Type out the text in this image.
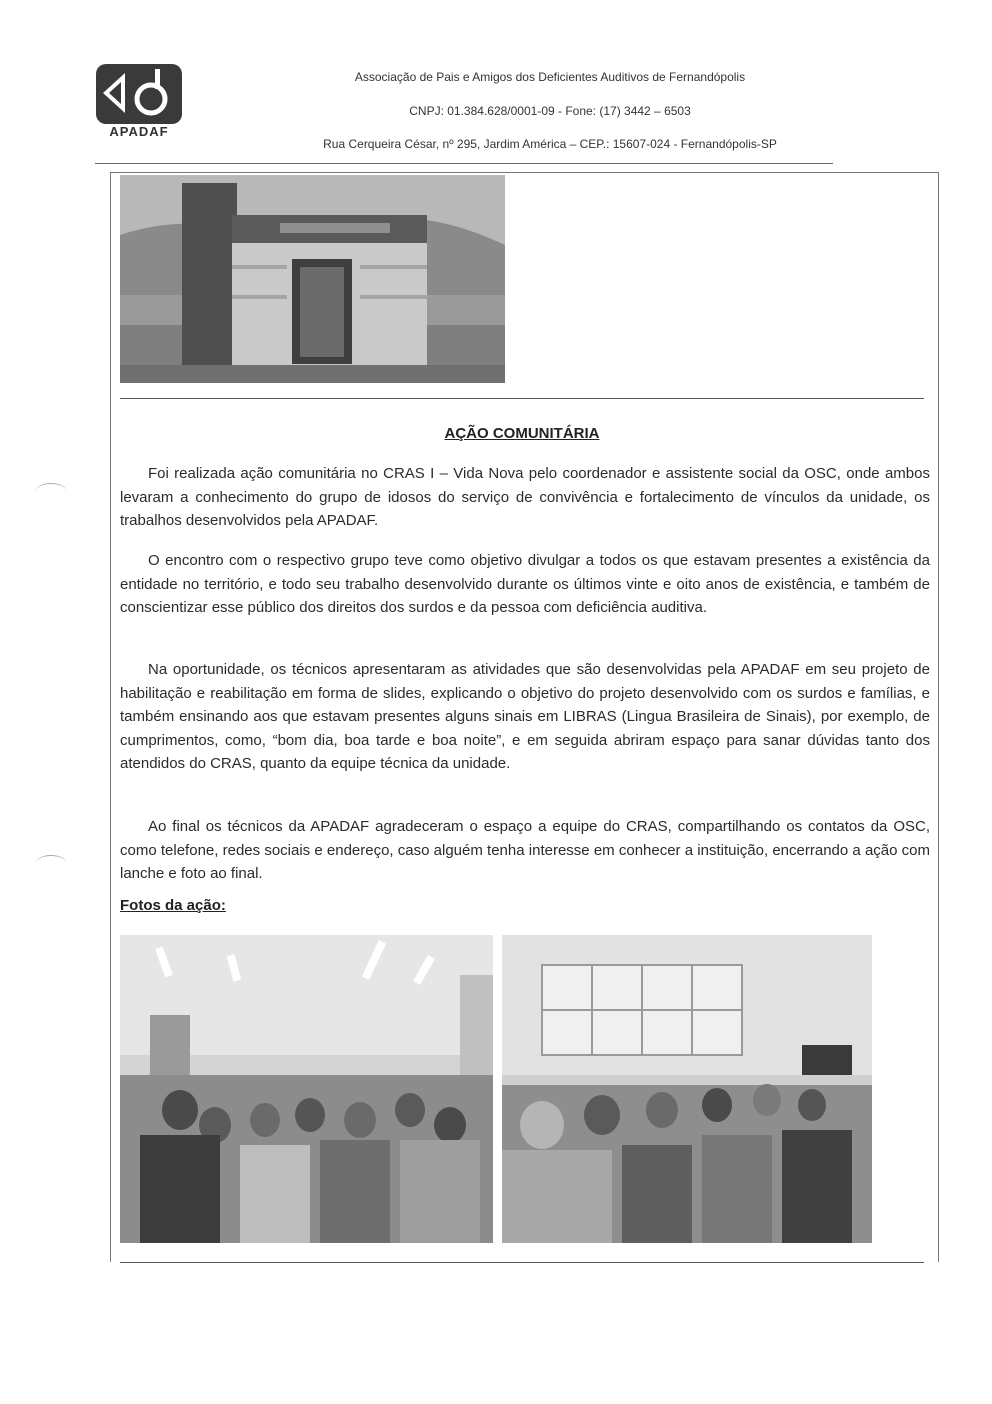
APADAF
Associação de Pais e Amigos dos Deficientes Auditivos de Fernandópolis
CNPJ: 01.384.628/0001-09 - Fone: (17) 3442 – 6503
Rua Cerqueira César, nº 295, Jardim América – CEP.: 15607-024 - Fernandópolis-SP
AÇÃO COMUNITÁRIA
Foi realizada ação comunitária no CRAS I – Vida Nova pelo coordenador e assistente social da OSC, onde ambos levaram a conhecimento do grupo de idosos do serviço de convivência e fortalecimento de vínculos da unidade, os trabalhos desenvolvidos pela APADAF.
O encontro com o respectivo grupo teve como objetivo divulgar a todos os que estavam presentes a existência da entidade no território, e todo seu trabalho desenvolvido durante os últimos vinte e oito anos de existência, e também de conscientizar esse público dos direitos dos surdos e da pessoa com deficiência auditiva.
Na oportunidade, os técnicos apresentaram as atividades que são desenvolvidas pela APADAF em seu projeto de habilitação e reabilitação em forma de slides, explicando o objetivo do projeto desenvolvido com os surdos e famílias, e também ensinando aos que estavam presentes alguns sinais em LIBRAS (Lingua Brasileira de Sinais), por exemplo, de cumprimentos, como, “bom dia, boa tarde e boa noite”, e em seguida abriram espaço para sanar dúvidas tanto dos atendidos do CRAS, quanto da equipe técnica da unidade.
Ao final os técnicos da APADAF agradeceram o espaço a equipe do CRAS, compartilhando os contatos da OSC, como telefone, redes sociais e endereço, caso alguém tenha interesse em conhecer a instituição, encerrando a ação com lanche e foto ao final.
Fotos da ação:
